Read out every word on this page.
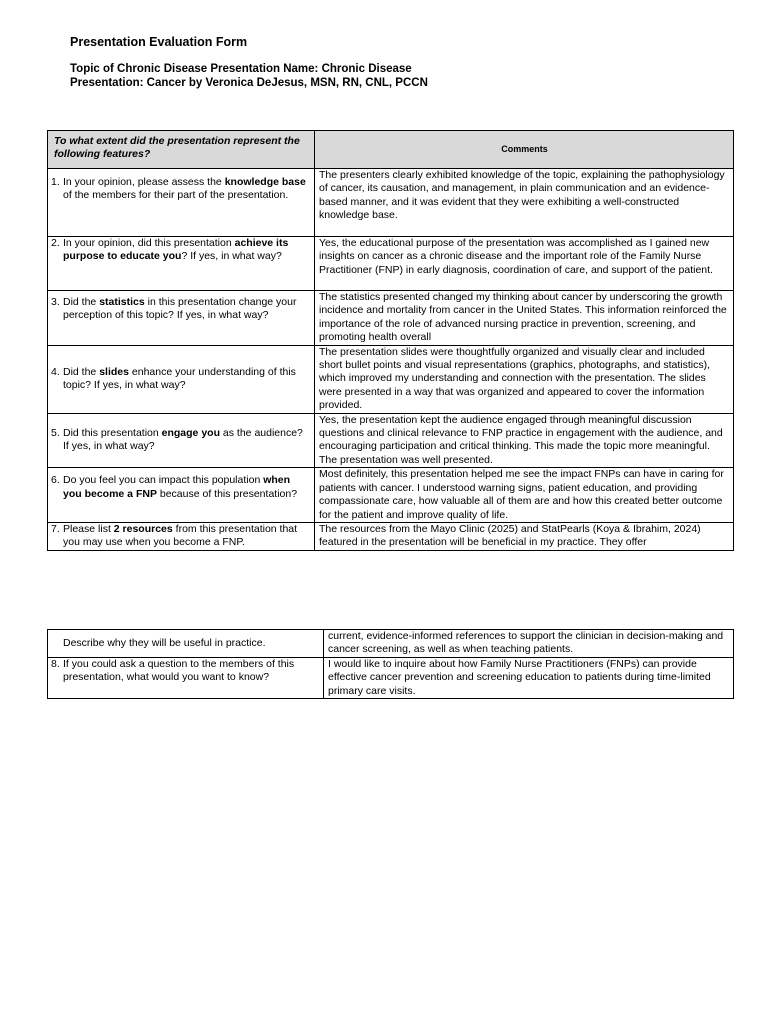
Presentation Evaluation Form
Topic of Chronic Disease Presentation Name: Chronic Disease
Presentation: Cancer by Veronica DeJesus, MSN, RN, CNL, PCCN
To what extent did the presentation represent the following features?	Comments

1. In your opinion, please assess the knowledge base of the members for their part of the presentation.	The presenters clearly exhibited knowledge of the topic, explaining the pathophysiology of cancer, its causation, and management, in plain communication and an evidence-based manner, and it was evident that they were exhibiting a well-constructed knowledge base.

2. In your opinion, did this presentation achieve its purpose to educate you? If yes, in what way?	Yes, the educational purpose of the presentation was accomplished as I gained new insights on cancer as a chronic disease and the important role of the Family Nurse Practitioner (FNP) in early diagnosis, coordination of care, and support of the patient.

3. Did the statistics in this presentation change your perception of this topic? If yes, in what way?	The statistics presented changed my thinking about cancer by underscoring the growth incidence and mortality from cancer in the United States. This information reinforced the importance of the role of advanced nursing practice in prevention, screening, and promoting health overall

4. Did the slides enhance your understanding of this topic? If yes, in what way?	The presentation slides were thoughtfully organized and visually clear and included short bullet points and visual representations (graphics, photographs, and statistics), which improved my understanding and connection with the presentation. The slides were presented in a way that was organized and appeared to cover the information provided.

5. Did this presentation engage you as the audience? If yes, in what way?	Yes, the presentation kept the audience engaged through meaningful discussion questions and clinical relevance to FNP practice in engagement with the audience, and encouraging participation and critical thinking. This made the topic more meaningful. The presentation was well presented.

6. Do you feel you can impact this population when you become a FNP because of this presentation?	Most definitely, this presentation helped me see the impact FNPs can have in caring for patients with cancer. I understood warning signs, patient education, and providing compassionate care, how valuable all of them are and how this created better outcome for the patient and improve quality of life.

7. Please list 2 resources from this presentation that you may use when you become a FNP.	The resources from the Mayo Clinic (2025) and StatPearls (Koya & Ibrahim, 2024) featured in the presentation will be beneficial in my practice. They offer
Describe why they will be useful in practice.	current, evidence-informed references to support the clinician in decision-making and cancer screening, as well as when teaching patients.

8. If you could ask a question to the members of this presentation, what would you want to know?	I would like to inquire about how Family Nurse Practitioners (FNPs) can provide effective cancer prevention and screening education to patients during time-limited primary care visits.
